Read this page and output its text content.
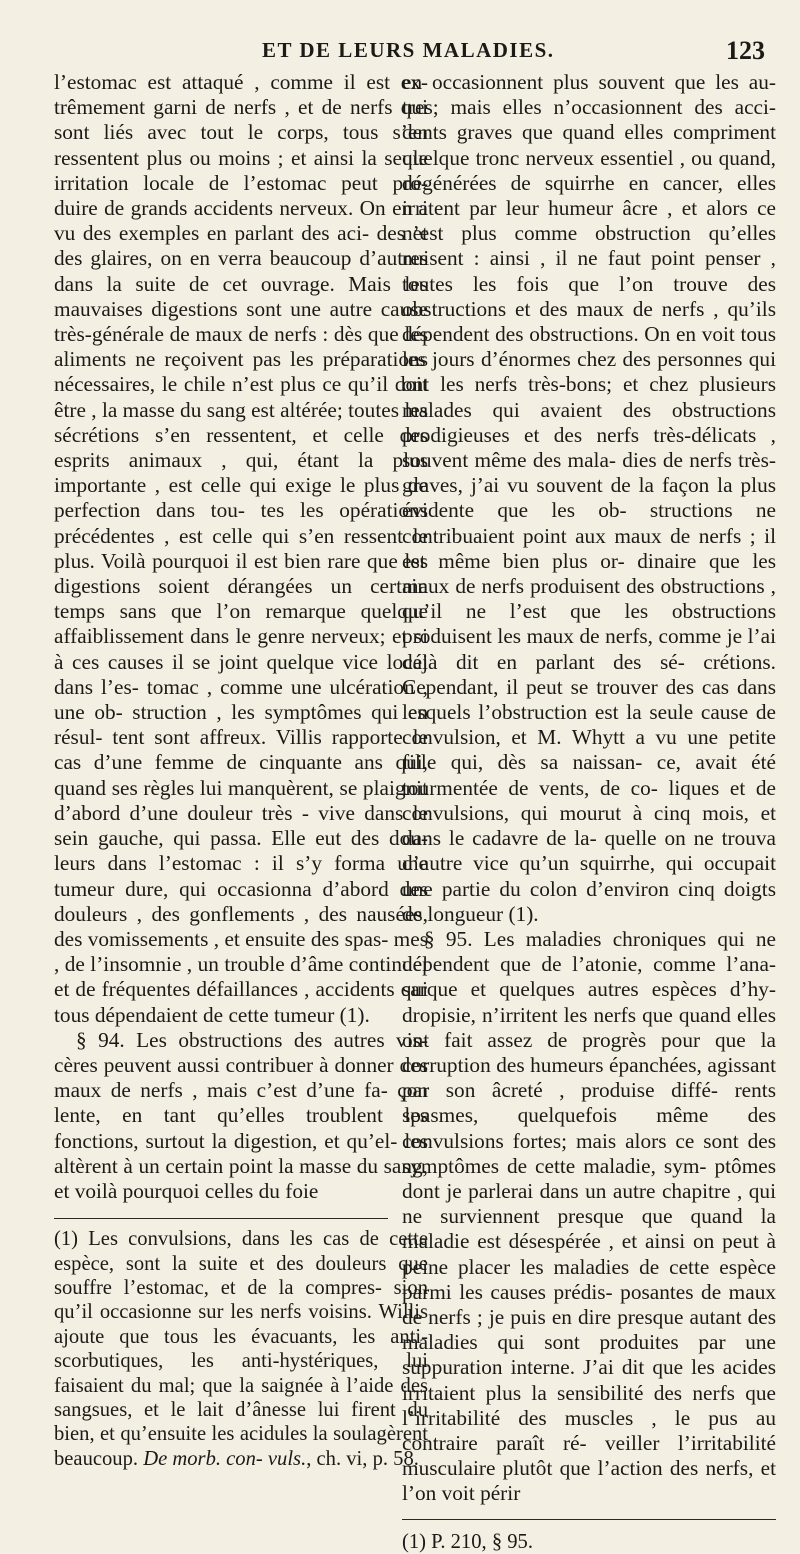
ET DE LEURS MALADIES.	123

l’estomac est attaqué , comme il est ex- trêmement garni de nerfs , et de nerfs qui sont liés avec tout le corps, tous s’en ressentent plus ou moins ; et ainsi la seule irritation locale de l’estomac peut pro- duire de grands accidents nerveux. On en a vu des exemples en parlant des aci- des et des glaires, on en verra beaucoup d’autres dans la suite de cet ouvrage. Mais les mauvaises digestions sont une autre cause très-générale de maux de nerfs : dès que les aliments ne reçoivent pas les préparations nécessaires, le chile n’est plus ce qu’il doit être , la masse du sang est altérée; toutes les sécrétions s’en ressentent, et celle des esprits animaux , qui, étant la plus importante , est celle qui exige le plus de perfection dans tou- tes les opérations précédentes , est celle qui s’en ressent le plus. Voilà pourquoi il est bien rare que les digestions soient dérangées un certain temps sans que l’on remarque quelque affaiblissement dans le genre nerveux; et si à ces causes il se joint quelque vice local dans l’es- tomac , comme une ulcération , une ob- struction , les symptômes qui en résul- tent sont affreux. Villis rapporte le cas d’une femme de cinquante ans qui, quand ses règles lui manquèrent, se plaignit d’abord d’une douleur très - vive dans le sein gauche, qui passa. Elle eut des dou- leurs dans l’estomac : il s’y forma une tumeur dure, qui occasionna d’abord des douleurs , des gonflements , des nausées, des vomissements , et ensuite des spas- mes , de l’insomnie , un trouble d’âme continuel et de fréquentes défaillances , accidents qui tous dépendaient de cette tumeur (1).

§ 94. Les obstructions des autres vis- cères peuvent aussi contribuer à donner des maux de nerfs , mais c’est d’une fa- çon lente, en tant qu’elles troublent les fonctions, surtout la digestion, et qu’el- les altèrent à un certain point la masse du sang, et voilà pourquoi celles du foie

(1) Les convulsions, dans les cas de cette espèce, sont la suite et des douleurs que souffre l’estomac, et de la compres- sion qu’il occasionne sur les nerfs voisins. Willis ajoute que tous les évacuants, les anti-scorbutiques, les anti-hystériques, lui faisaient du mal; que la saignée à l’aide des sangsues, et le lait d’ânesse lui firent du bien, et qu’ensuite les acidules la soulagèrent beaucoup. De morb. con- vuls., ch. vi, p. 58.

en occasionnent plus souvent que les au- tres; mais elles n’occasionnent des acci- dents graves que quand elles compriment quelque tronc nerveux essentiel , ou quand, dégénérées de squirrhe en cancer, elles irritent par leur humeur âcre , et alors ce n’est plus comme obstruction qu’elles nuisent : ainsi , il ne faut point penser , toutes les fois que l’on trouve des obstructions et des maux de nerfs , qu’ils dépendent des obstructions. On en voit tous les jours d’énormes chez des personnes qui ont les nerfs très-bons; et chez plusieurs malades qui avaient des obstructions prodigieuses et des nerfs très-délicats , souvent même des mala- dies de nerfs très-graves, j’ai vu souvent de la façon la plus évidente que les ob- structions ne contribuaient point aux maux de nerfs ; il est même bien plus or- dinaire que les maux de nerfs produisent des obstructions , qu’il ne l’est que les obstructions produisent les maux de nerfs, comme je l’ai déjà dit en parlant des sé- crétions. Cependant, il peut se trouver des cas dans lesquels l’obstruction est la seule cause de convulsion, et M. Whytt a vu une petite fille qui, dès sa naissan- ce, avait été tourmentée de vents, de co- liques et de convulsions, qui mourut à cinq mois, et dans le cadavre de la- quelle on ne trouva d’autre vice qu’un squirrhe, qui occupait une partie du colon d’environ cinq doigts de longueur (1).

§ 95. Les maladies chroniques qui ne dépendent que de l’atonie, comme l’ana- sarque et quelques autres espèces d’hy- dropisie, n’irritent les nerfs que quand elles ont fait assez de progrès pour que la corruption des humeurs épanchées, agissant par son âcreté , produise diffé- rents spasmes, quelquefois même des convulsions fortes; mais alors ce sont des symptômes de cette maladie, sym- ptômes dont je parlerai dans un autre chapitre , qui ne surviennent presque que quand la maladie est désespérée , et ainsi on peut à peine placer les maladies de cette espèce parmi les causes prédis- posantes de maux de nerfs ; je puis en dire presque autant des maladies qui sont produites par une suppuration interne. J’ai dit que les acides irritaient plus la sensibilité des nerfs que l’irritabilité des muscles , le pus au contraire paraît ré- veiller l’irritabilité musculaire plutôt que l’action des nerfs, et l’on voit périr

(1) P. 210, § 95.
